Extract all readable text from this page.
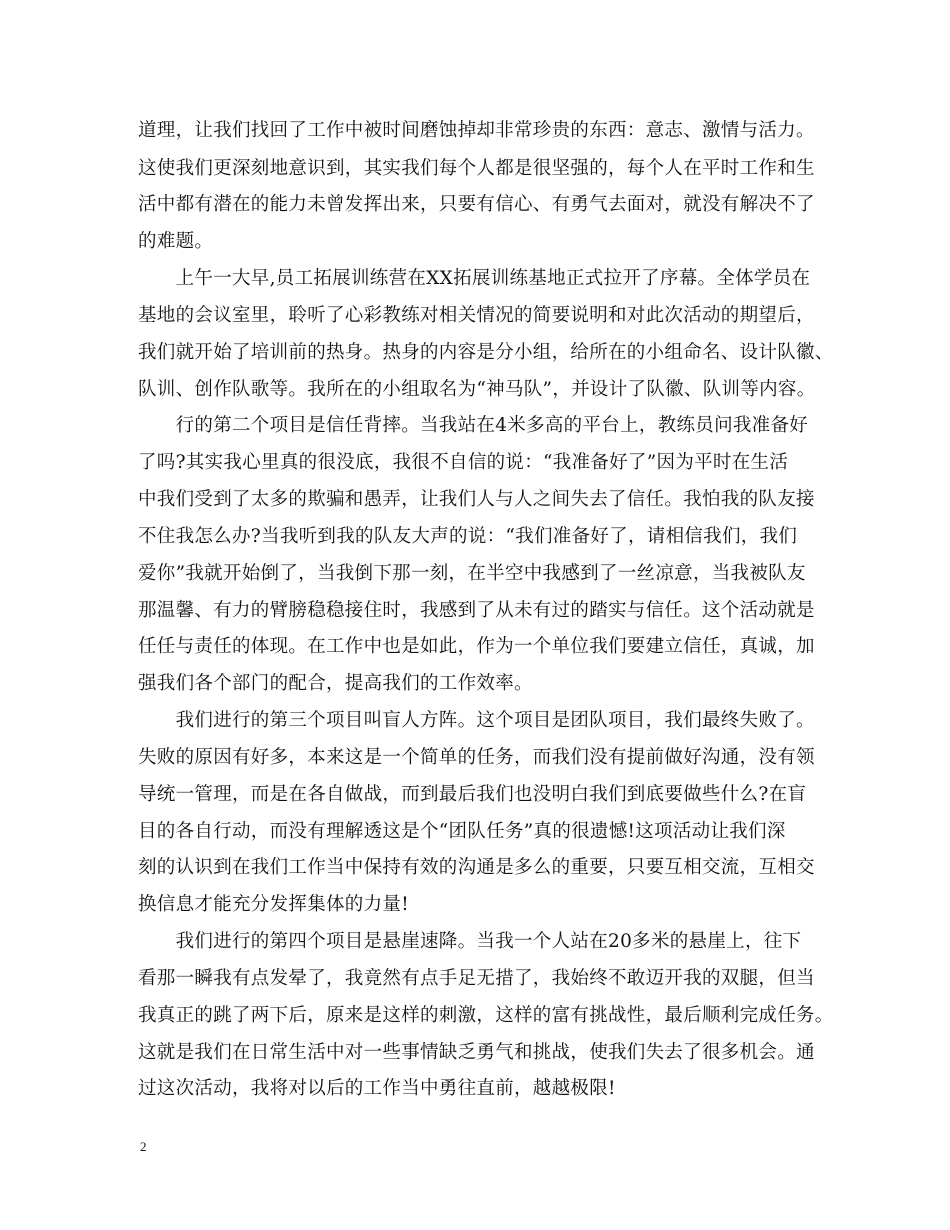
道理，让我们找回了工作中被时间磨蚀掉却非常珍贵的东西：意志、激情与活力。
这使我们更深刻地意识到，其实我们每个人都是很坚强的，每个人在平时工作和生
活中都有潜在的能力未曾发挥出来，只要有信心、有勇气去面对，就没有解决不了
的难题。
　　上午一大早,员工拓展训练营在XX拓展训练基地正式拉开了序幕。全体学员在
基地的会议室里，聆听了心彩教练对相关情况的简要说明和对此次活动的期望后，
我们就开始了培训前的热身。热身的内容是分小组，给所在的小组命名、设计队徽、
队训、创作队歌等。我所在的小组取名为“神马队”，并设计了队徽、队训等内容。
　　行的第二个项目是信任背摔。当我站在4米多高的平台上，教练员问我准备好
了吗?其实我心里真的很没底，我很不自信的说：“我准备好了”因为平时在生活
中我们受到了太多的欺骗和愚弄，让我们人与人之间失去了信任。我怕我的队友接
不住我怎么办?当我听到我的队友大声的说：“我们准备好了，请相信我们，我们
爱你”我就开始倒了，当我倒下那一刻，在半空中我感到了一丝凉意，当我被队友
那温馨、有力的臂膀稳稳接住时，我感到了从未有过的踏实与信任。这个活动就是
任任与责任的体现。在工作中也是如此，作为一个单位我们要建立信任，真诚，加
强我们各个部门的配合，提高我们的工作效率。
　　我们进行的第三个项目叫盲人方阵。这个项目是团队项目，我们最终失败了。
失败的原因有好多，本来这是一个简单的任务，而我们没有提前做好沟通，没有领
导统一管理，而是在各自做战，而到最后我们也没明白我们到底要做些什么?在盲
目的各自行动，而没有理解透这是个“团队任务”真的很遗憾!这项活动让我们深
刻的认识到在我们工作当中保持有效的沟通是多么的重要，只要互相交流，互相交
换信息才能充分发挥集体的力量!
　　我们进行的第四个项目是悬崖速降。当我一个人站在20多米的悬崖上，往下
看那一瞬我有点发晕了，我竟然有点手足无措了，我始终不敢迈开我的双腿，但当
我真正的跳了两下后，原来是这样的刺激，这样的富有挑战性，最后顺利完成任务。
这就是我们在日常生活中对一些事情缺乏勇气和挑战，使我们失去了很多机会。通
过这次活动，我将对以后的工作当中勇往直前，越越极限!
2
